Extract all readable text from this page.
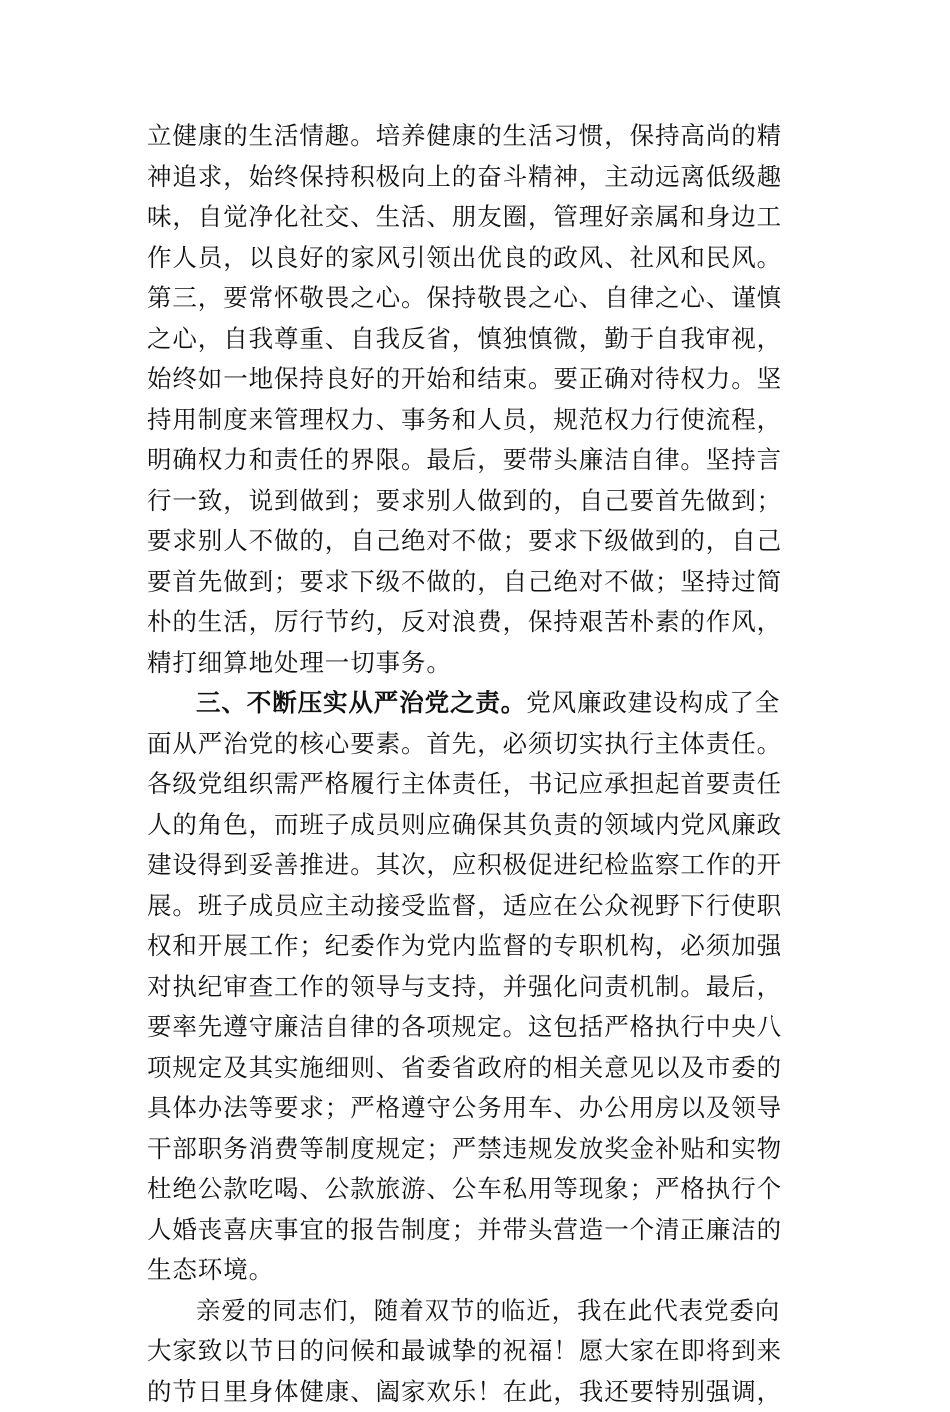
立健康的生活情趣。培养健康的生活习惯，保持高尚的精
神追求，始终保持积极向上的奋斗精神，主动远离低级趣
味，自觉净化社交、生活、朋友圈，管理好亲属和身边工
作人员，以良好的家风引领出优良的政风、社风和民风。
第三，要常怀敬畏之心。保持敬畏之心、自律之心、谨慎
之心，自我尊重、自我反省，慎独慎微，勤于自我审视，
始终如一地保持良好的开始和结束。要正确对待权力。坚
持用制度来管理权力、事务和人员，规范权力行使流程，
明确权力和责任的界限。最后，要带头廉洁自律。坚持言
行一致，说到做到；要求别人做到的，自己要首先做到；
要求别人不做的，自己绝对不做；要求下级做到的，自己
要首先做到；要求下级不做的，自己绝对不做；坚持过简
朴的生活，厉行节约，反对浪费，保持艰苦朴素的作风，
精打细算地处理一切事务。
三、不断压实从严治党之责。党风廉政建设构成了全
面从严治党的核心要素。首先，必须切实执行主体责任。
各级党组织需严格履行主体责任，书记应承担起首要责任
人的角色，而班子成员则应确保其负责的领域内党风廉政
建设得到妥善推进。其次，应积极促进纪检监察工作的开
展。班子成员应主动接受监督，适应在公众视野下行使职
权和开展工作；纪委作为党内监督的专职机构，必须加强
对执纪审查工作的领导与支持，并强化问责机制。最后，
要率先遵守廉洁自律的各项规定。这包括严格执行中央八
项规定及其实施细则、省委省政府的相关意见以及市委的
具体办法等要求；严格遵守公务用车、办公用房以及领导
干部职务消费等制度规定；严禁违规发放奖金补贴和实物
杜绝公款吃喝、公款旅游、公车私用等现象；严格执行个
人婚丧喜庆事宜的报告制度；并带头营造一个清正廉洁的
生态环境。
亲爱的同志们，随着双节的临近，我在此代表党委向
大家致以节日的问候和最诚挚的祝福！愿大家在即将到来
的节日里身体健康、阖家欢乐！在此，我还要特别强调，
